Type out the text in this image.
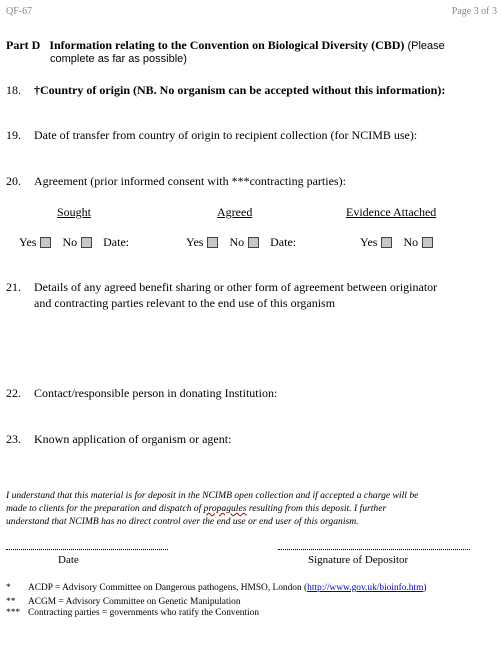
QF-67	Page 3 of 3
Part D Information relating to the Convention on Biological Diversity (CBD) (Please
complete as far as possible)
18. †Country of origin (NB. No organism can be accepted without this information):
19. Date of transfer from country of origin to recipient collection (for NCIMB use):
20. Agreement (prior informed consent with ***contracting parties):
Sought	Agreed	Evidence Attached
Yes No Date:	Yes No Date:	Yes No
21. Details of any agreed benefit sharing or other form of agreement between originator
and contracting parties relevant to the end use of this organism
22. Contact/responsible person in donating Institution:
23. Known application of organism or agent:
I understand that this material is for deposit in the NCIMB open collection and if accepted a charge will be
made to clients for the preparation and dispatch of propagules resulting from this deposit. I further
understand that NCIMB has no direct control over the end use or end user of this organism.
Date	Signature of Depositor
* ACDP = Advisory Committee on Dangerous pathogens, HMSO, London (http://www.gov.uk/bioinfo.htm)
** ACGM = Advisory Committee on Genetic Manipulation
*** Contracting parties = governments who ratify the Convention
